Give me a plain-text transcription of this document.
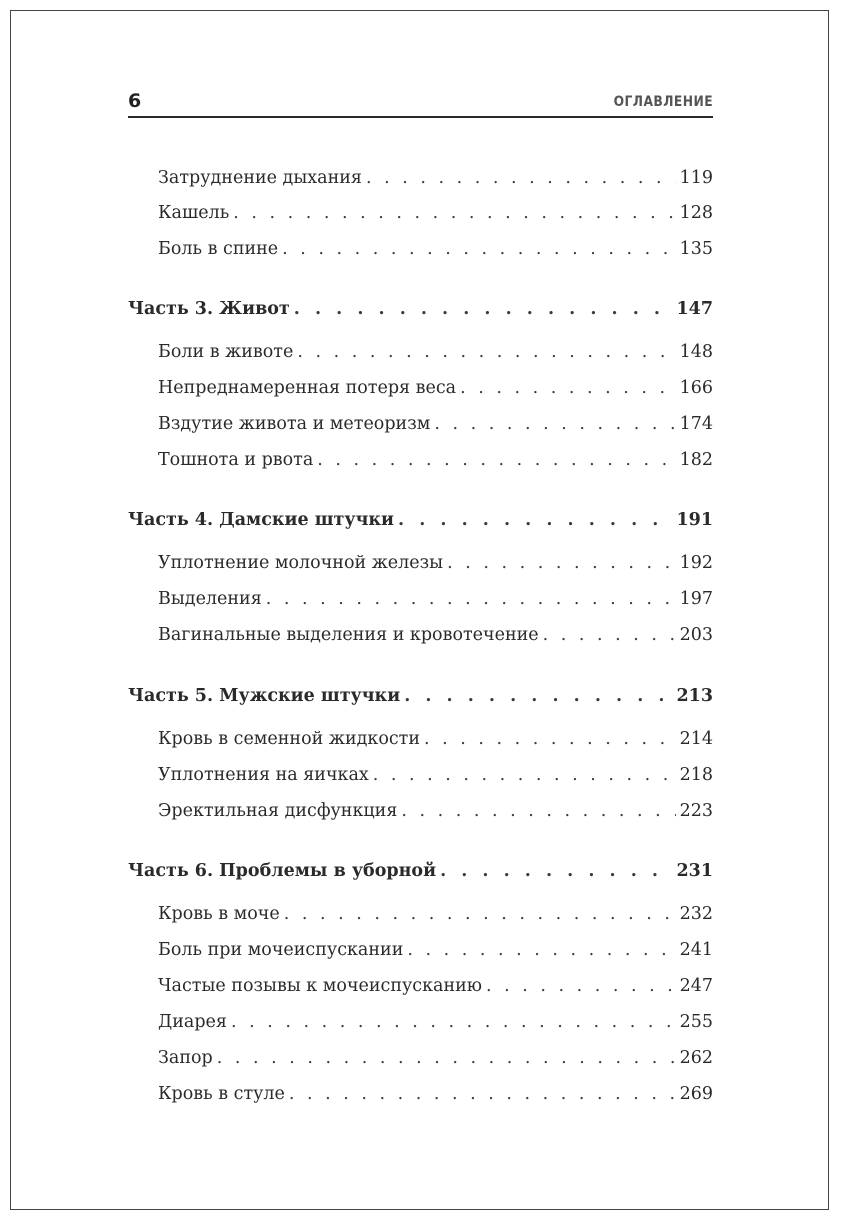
6	ОГЛАВЛЕНИЕ
Затруднение дыхания . . .	119
Кашель . . .	128
Боль в спине . . .	135
Часть 3. Живот . . .	147
Боли в животе . . .	148
Непреднамеренная потеря веса . . .	166
Вздутие живота и метеоризм . . .	174
Тошнота и рвота . . .	182
Часть 4. Дамские штучки . . .	191
Уплотнение молочной железы . . .	192
Выделения . . .	197
Вагинальные выделения и кровотечение . . .	203
Часть 5. Мужские штучки . . .	213
Кровь в семенной жидкости . . .	214
Уплотнения на яичках . . .	218
Эректильная дисфункция . . .	223
Часть 6. Проблемы в уборной . . .	231
Кровь в моче . . .	232
Боль при мочеиспускании . . .	241
Частые позывы к мочеиспусканию . . .	247
Диарея . . .	255
Запор . . .	262
Кровь в стуле . . .	269
